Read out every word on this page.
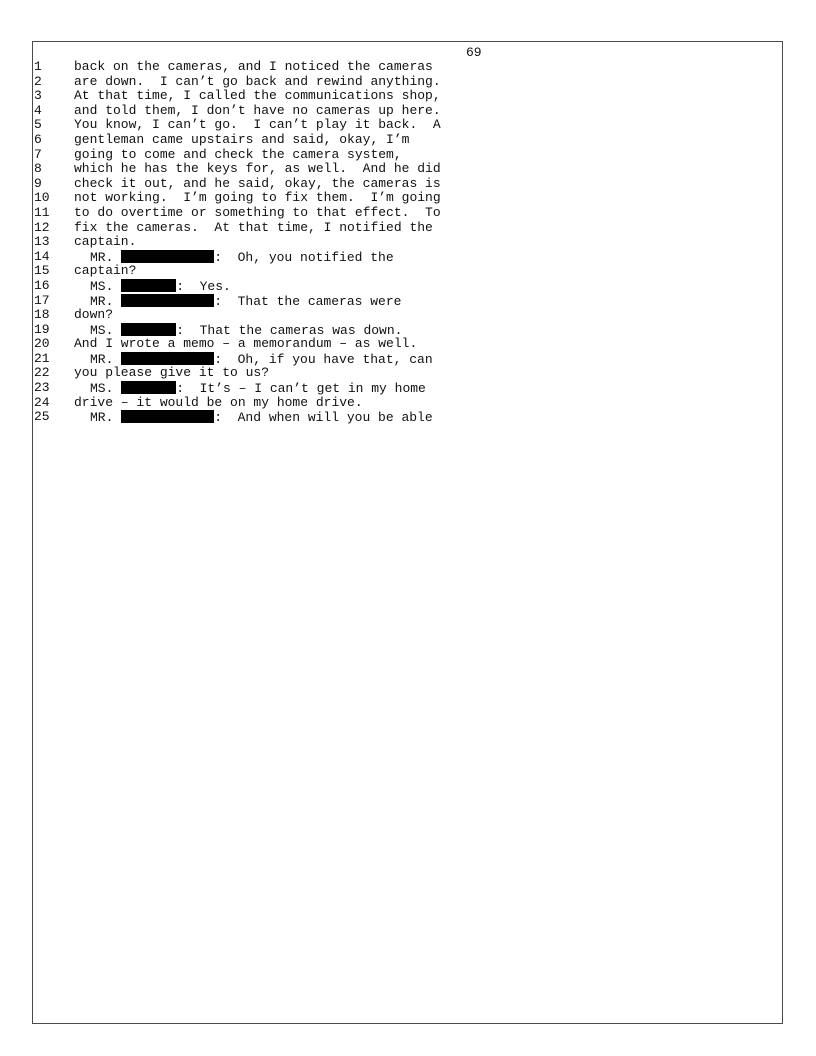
69
1	back on the cameras, and I noticed the cameras
2	are down.  I can’t go back and rewind anything.
3	At that time, I called the communications shop,
4	and told them, I don’t have no cameras up here.
5	You know, I can’t go.  I can’t play it back.  A
6	gentleman came upstairs and said, okay, I’m
7	going to come and check the camera system,
8	which he has the keys for, as well.  And he did
9	check it out, and he said, okay, the cameras is
10	not working.  I’m going to fix them.  I’m going
11	to do overtime or something to that effect.  To
12	fix the cameras.  At that time, I notified the
13	captain.
14	MR.	:  Oh, you notified the
15	captain?
16	MS.	:  Yes.
17	MR.	:  That the cameras were
18	down?
19	MS.	:  That the cameras was down.
20	And I wrote a memo – a memorandum – as well.
21	MR.	:  Oh, if you have that, can
22	you please give it to us?
23	MS.	:  It’s – I can’t get in my home
24	drive – it would be on my home drive.
25	MR.	:  And when will you be able
